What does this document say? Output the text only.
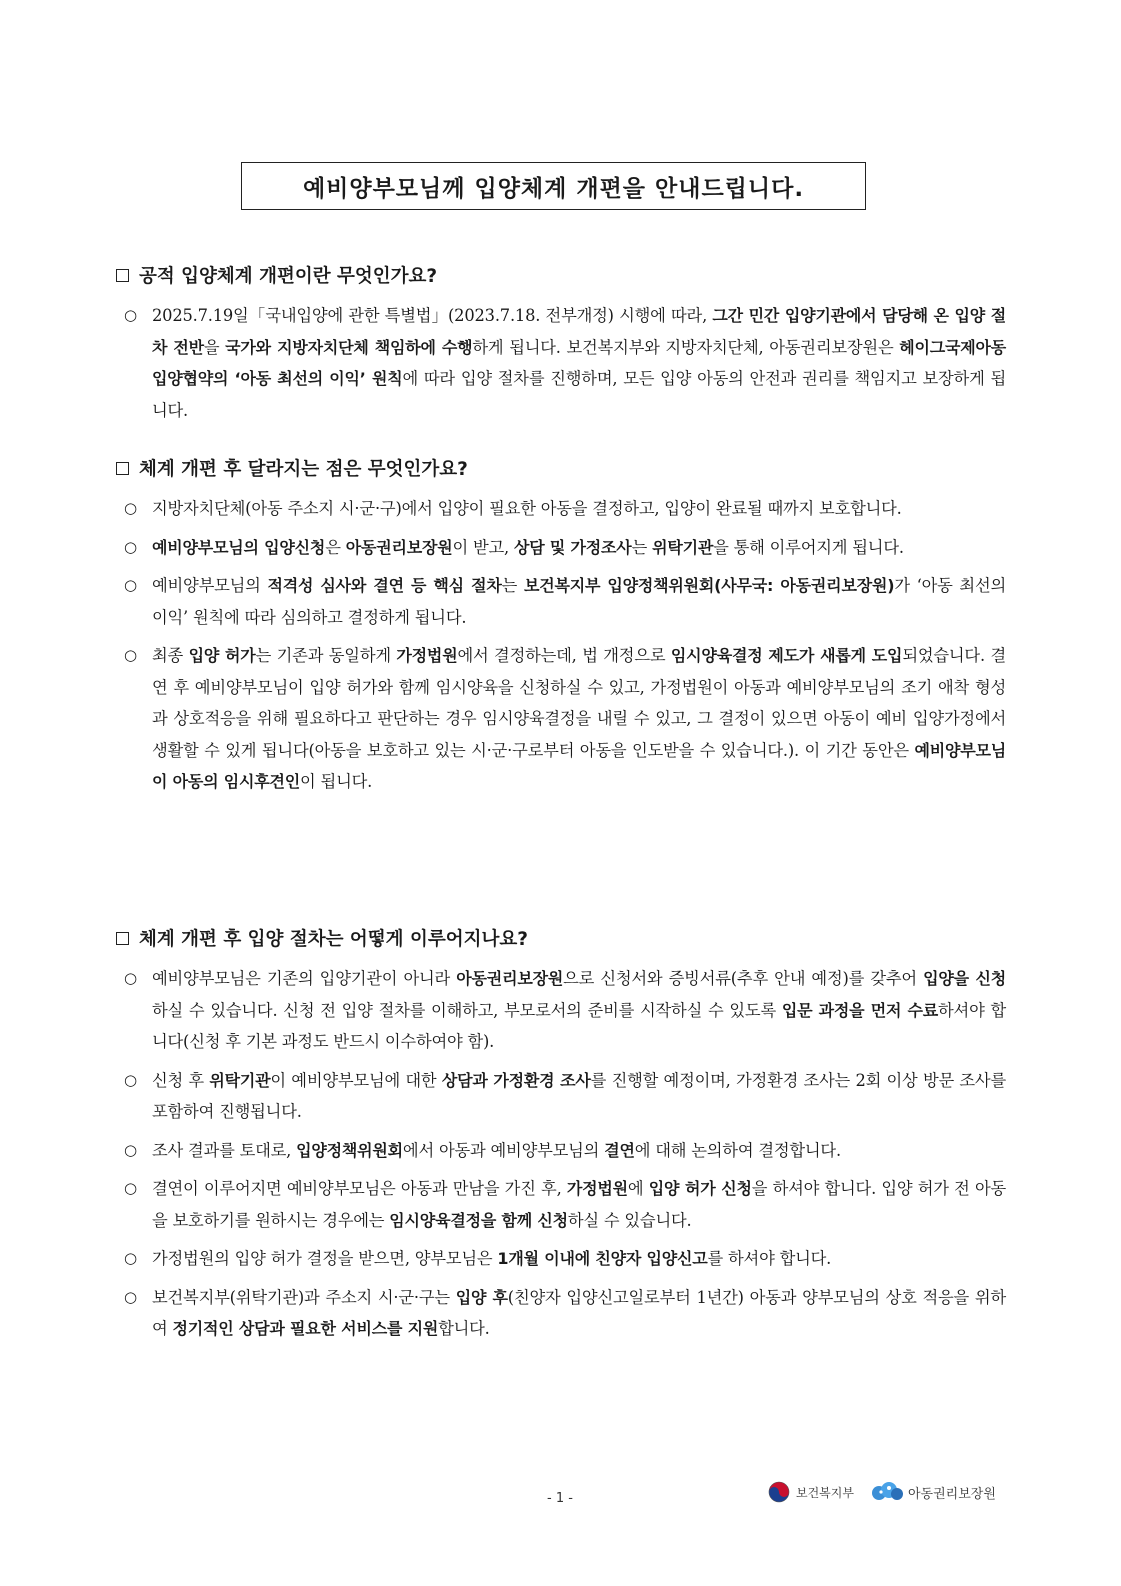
예비양부모님께 입양체계 개편을 안내드립니다.
공적 입양체계 개편이란 무엇인가요?
○ 2025.7.19일「국내입양에 관한 특별법」(2023.7.18. 전부개정) 시행에 따라, 그간 민간 입양기관에서 담당해 온 입양 절차 전반을 국가와 지방자치단체 책임하에 수행하게 됩니다. 보건복지부와 지방자치단체, 아동권리보장원은 헤이그국제아동입양협약의 ‘아동 최선의 이익’ 원칙에 따라 입양 절차를 진행하며, 모든 입양 아동의 안전과 권리를 책임지고 보장하게 됩니다.
체계 개편 후 달라지는 점은 무엇인가요?
○ 지방자치단체(아동 주소지 시·군·구)에서 입양이 필요한 아동을 결정하고, 입양이 완료될 때까지 보호합니다.
○ 예비양부모님의 입양신청은 아동권리보장원이 받고, 상담 및 가정조사는 위탁기관을 통해 이루어지게 됩니다.
○ 예비양부모님의 적격성 심사와 결연 등 핵심 절차는 보건복지부 입양정책위원회(사무국: 아동권리보장원)가 ‘아동 최선의 이익’ 원칙에 따라 심의하고 결정하게 됩니다.
○ 최종 입양 허가는 기존과 동일하게 가정법원에서 결정하는데, 법 개정으로 임시양육결정 제도가 새롭게 도입되었습니다. 결연 후 예비양부모님이 입양 허가와 함께 임시양육을 신청하실 수 있고, 가정법원이 아동과 예비양부모님의 조기 애착 형성과 상호적응을 위해 필요하다고 판단하는 경우 임시양육결정을 내릴 수 있고, 그 결정이 있으면 아동이 예비 입양가정에서 생활할 수 있게 됩니다(아동을 보호하고 있는 시·군·구로부터 아동을 인도받을 수 있습니다.). 이 기간 동안은 예비양부모님이 아동의 임시후견인이 됩니다.
체계 개편 후 입양 절차는 어떻게 이루어지나요?
○ 예비양부모님은 기존의 입양기관이 아니라 아동권리보장원으로 신청서와 증빙서류(추후 안내 예정)를 갖추어 입양을 신청하실 수 있습니다. 신청 전 입양 절차를 이해하고, 부모로서의 준비를 시작하실 수 있도록 입문 과정을 먼저 수료하셔야 합니다(신청 후 기본 과정도 반드시 이수하여야 함).
○ 신청 후 위탁기관이 예비양부모님에 대한 상담과 가정환경 조사를 진행할 예정이며, 가정환경 조사는 2회 이상 방문 조사를 포함하여 진행됩니다.
○ 조사 결과를 토대로, 입양정책위원회에서 아동과 예비양부모님의 결연에 대해 논의하여 결정합니다.
○ 결연이 이루어지면 예비양부모님은 아동과 만남을 가진 후, 가정법원에 입양 허가 신청을 하셔야 합니다. 입양 허가 전 아동을 보호하기를 원하시는 경우에는 임시양육결정을 함께 신청하실 수 있습니다.
○ 가정법원의 입양 허가 결정을 받으면, 양부모님은 1개월 이내에 친양자 입양신고를 하셔야 합니다.
○ 보건복지부(위탁기관)과 주소지 시·군·구는 입양 후(친양자 입양신고일로부터 1년간) 아동과 양부모님의 상호 적응을 위하여 정기적인 상담과 필요한 서비스를 지원합니다.
- 1 -	보건복지부	아동권리보장원
